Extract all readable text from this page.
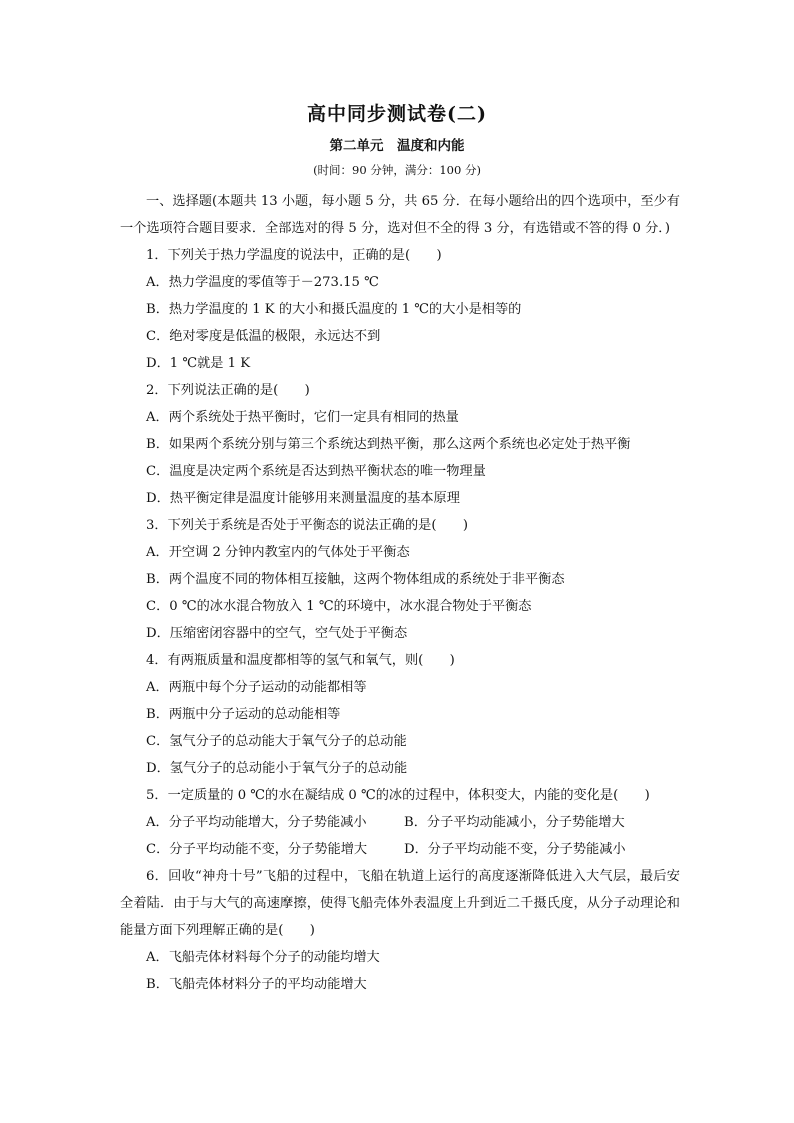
高中同步测试卷(二)
第二单元　温度和内能
(时间：90 分钟，满分：100 分)

一、选择题(本题共 13 小题，每小题 5 分，共 65 分．在每小题给出的四个选项中，至少有一个选项符合题目要求．全部选对的得 5 分，选对但不全的得 3 分，有选错或不答的得 0 分．)

1．下列关于热力学温度的说法中，正确的是(　　)

A．热力学温度的零值等于－273.15 ℃

B．热力学温度的 1 K 的大小和摄氏温度的 1 ℃的大小是相等的

C．绝对零度是低温的极限，永远达不到

D．1 ℃就是 1 K

2．下列说法正确的是(　　)

A．两个系统处于热平衡时，它们一定具有相同的热量

B．如果两个系统分别与第三个系统达到热平衡，那么这两个系统也必定处于热平衡

C．温度是决定两个系统是否达到热平衡状态的唯一物理量

D．热平衡定律是温度计能够用来测量温度的基本原理

3．下列关于系统是否处于平衡态的说法正确的是(　　)

A．开空调 2 分钟内教室内的气体处于平衡态

B．两个温度不同的物体相互接触，这两个物体组成的系统处于非平衡态

C．0 ℃的冰水混合物放入 1 ℃的环境中，冰水混合物处于平衡态

D．压缩密闭容器中的空气，空气处于平衡态

4．有两瓶质量和温度都相等的氢气和氧气，则(　　)

A．两瓶中每个分子运动的动能都相等

B．两瓶中分子运动的总动能相等

C．氢气分子的总动能大于氧气分子的总动能

D．氢气分子的总动能小于氧气分子的总动能

5．一定质量的 0 ℃的水在凝结成 0 ℃的冰的过程中，体积变大，内能的变化是(　　)

A．分子平均动能增大，分子势能减小	B．分子平均动能减小，分子势能增大
C．分子平均动能不变，分子势能增大	D．分子平均动能不变，分子势能减小

6．回收“神舟十号”飞船的过程中，飞船在轨道上运行的高度逐渐降低进入大气层，最后安全着陆．由于与大气的高速摩擦，使得飞船壳体外表温度上升到近二千摄氏度，从分子动理论和能量方面下列理解正确的是(　　)

A．飞船壳体材料每个分子的动能均增大

B．飞船壳体材料分子的平均动能增大
